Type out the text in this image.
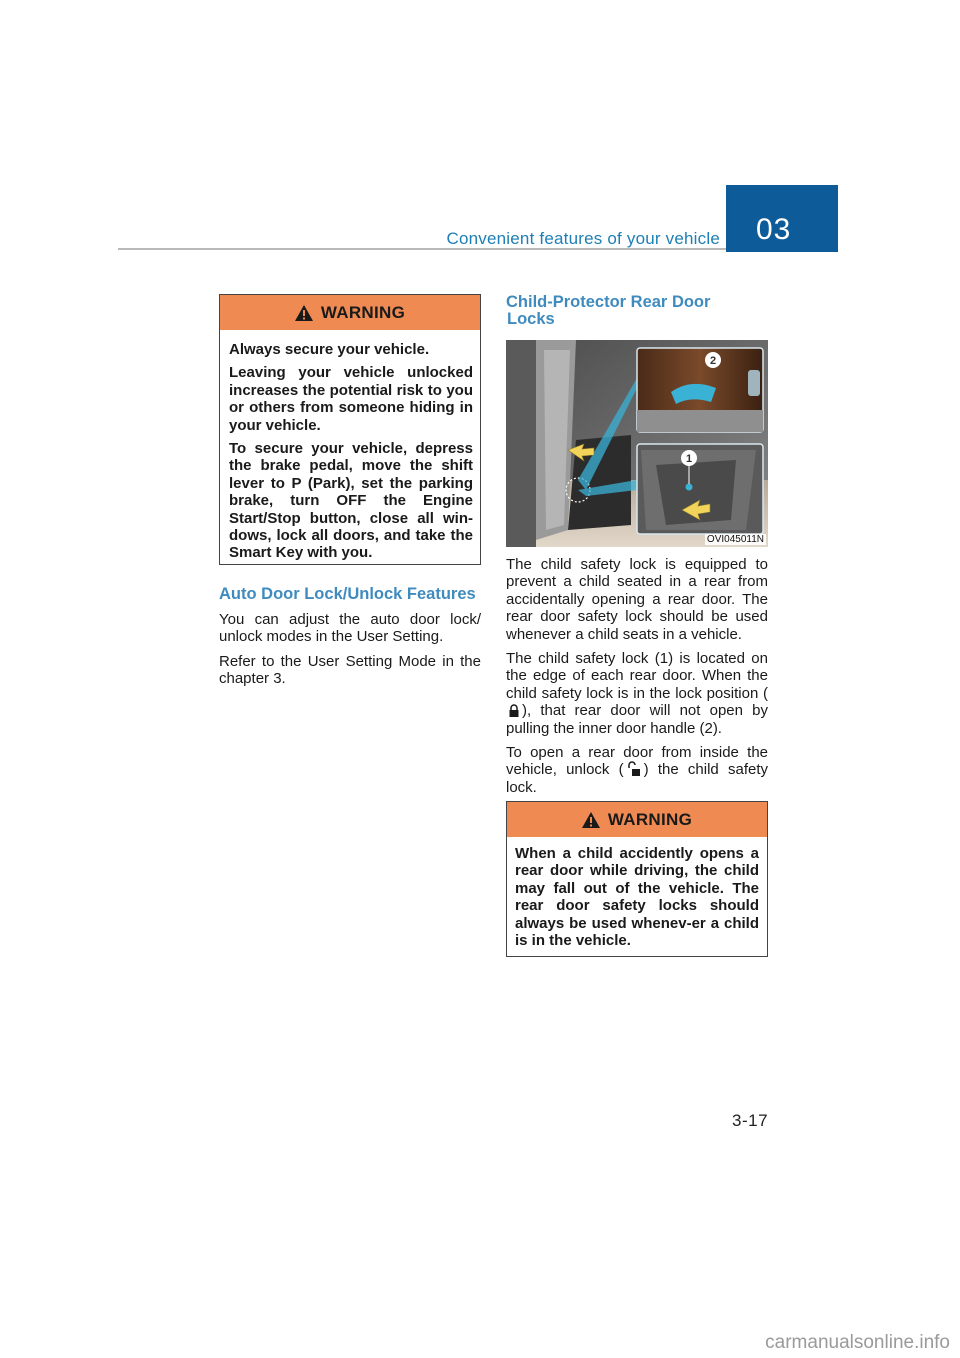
Convenient features of your vehicle 03
WARNING

Always secure your vehicle.

Leaving your vehicle unlocked increases the potential risk to you or others from someone hiding in your vehicle.

To secure your vehicle, depress the brake pedal, move the shift lever to P (Park), set the parking brake, turn OFF the Engine Start/Stop button, close all win-dows, lock all doors, and take the Smart Key with you.

Auto Door Lock/Unlock Features

You can adjust the auto door lock/ unlock modes in the User Setting.

Refer to the User Setting Mode in the chapter 3.

Child-Protector Rear Door
Locks
2
1
OVI045011N

The child safety lock is equipped to prevent a child seated in a rear from accidentally opening a rear door. The rear door safety lock should be used whenever a child seats in a vehicle.

The child safety lock (1) is located on the edge of each rear door. When the child safety lock is in the lock position (), that rear door will not open by pulling the inner door handle (2).

To open a rear door from inside the vehicle, unlock ( ) the child safety lock.

WARNING

When a child accidently opens a rear door while driving, the child may fall out of the vehicle. The rear door safety locks should always be used whenev-er a child is in the vehicle.

3-17
carmanualsonline.info
